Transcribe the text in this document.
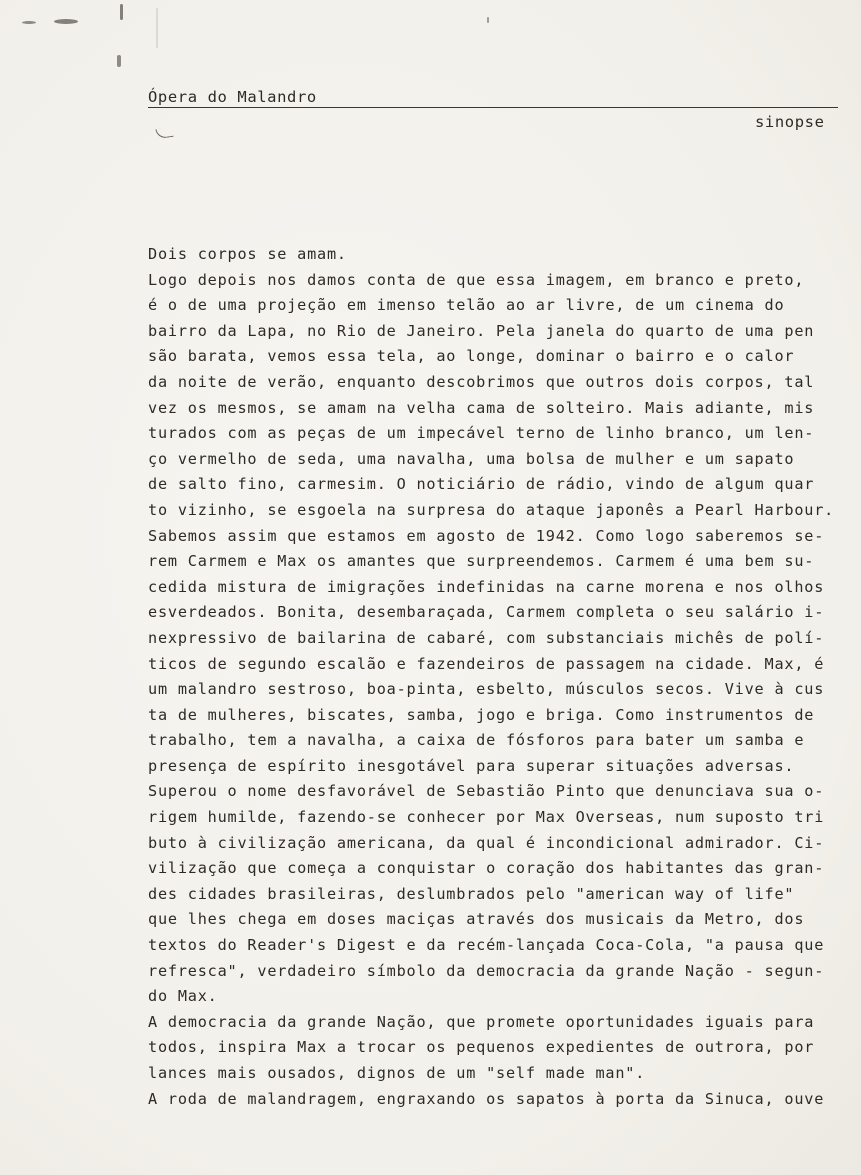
Ópera do Malandro
sinopse
Dois corpos se amam.
Logo depois nos damos conta de que essa imagem, em branco e preto,
é o de uma projeção em imenso telão ao ar livre, de um cinema do
bairro da Lapa, no Rio de Janeiro. Pela janela do quarto de uma pen
são barata, vemos essa tela, ao longe, dominar o bairro e o calor
da noite de verão, enquanto descobrimos que outros dois corpos, tal
vez os mesmos, se amam na velha cama de solteiro. Mais adiante, mis
turados com as peças de um impecável terno de linho branco, um len-
ço vermelho de seda, uma navalha, uma bolsa de mulher e um sapato
de salto fino, carmesim. O noticiário de rádio, vindo de algum quar
to vizinho, se esgoela na surpresa do ataque japonês a Pearl Harbour.
Sabemos assim que estamos em agosto de 1942. Como logo saberemos se-
rem Carmem e Max os amantes que surpreendemos. Carmem é uma bem su-
cedida mistura de imigrações indefinidas na carne morena e nos olhos
esverdeados. Bonita, desembaraçada, Carmem completa o seu salário i-
nexpressivo de bailarina de cabaré, com substanciais michês de polí-
ticos de segundo escalão e fazendeiros de passagem na cidade. Max, é
um malandro sestroso, boa-pinta, esbelto, músculos secos. Vive à cus
ta de mulheres, biscates, samba, jogo e briga. Como instrumentos de
trabalho, tem a navalha, a caixa de fósforos para bater um samba e
presença de espírito inesgotável para superar situações adversas.
Superou o nome desfavorável de Sebastião Pinto que denunciava sua o-
rigem humilde, fazendo-se conhecer por Max Overseas, num suposto tri
buto à civilização americana, da qual é incondicional admirador. Ci-
vilização que começa a conquistar o coração dos habitantes das gran-
des cidades brasileiras, deslumbrados pelo "american way of life"
que lhes chega em doses maciças através dos musicais da Metro, dos
textos do Reader's Digest e da recém-lançada Coca-Cola, "a pausa que
refresca", verdadeiro símbolo da democracia da grande Nação - segun-
do Max.
A democracia da grande Nação, que promete oportunidades iguais para
todos, inspira Max a trocar os pequenos expedientes de outrora, por
lances mais ousados, dignos de um "self made man".
A roda de malandragem, engraxando os sapatos à porta da Sinuca, ouve
